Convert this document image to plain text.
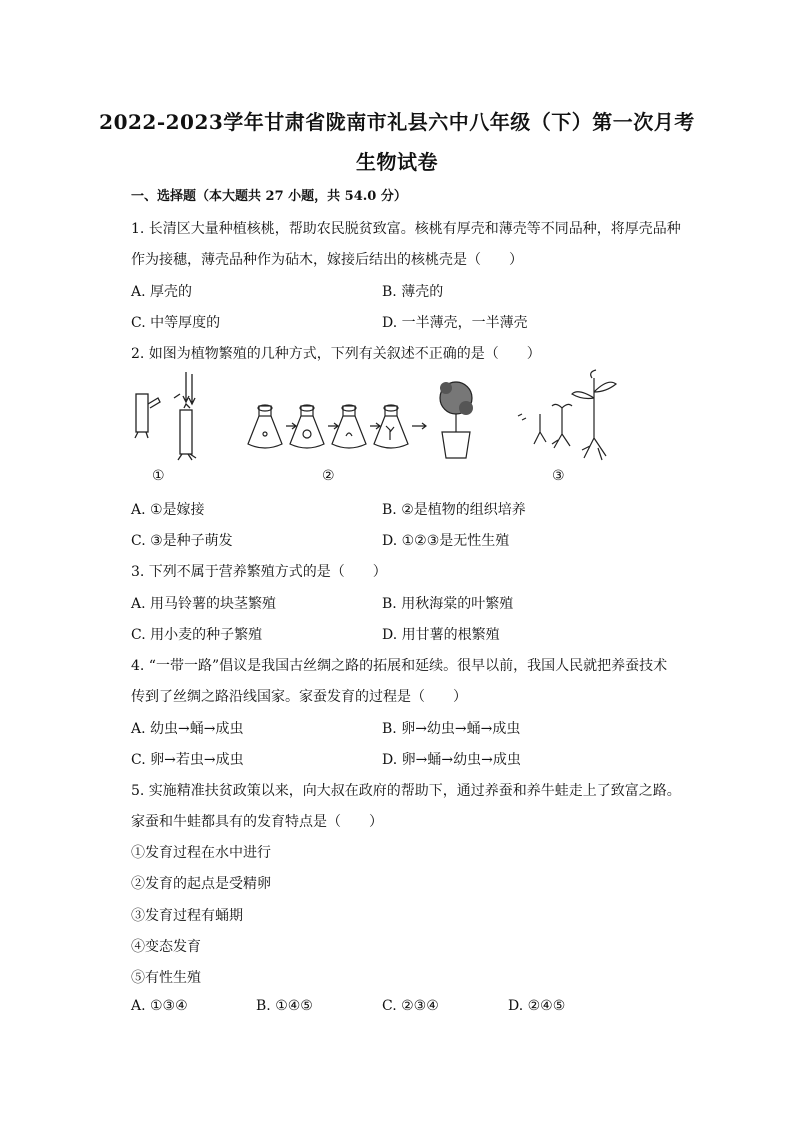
2022-2023学年甘肃省陇南市礼县六中八年级（下）第一次月考
生物试卷
一、选择题（本大题共 27 小题，共 54.0 分）
1. 长清区大量种植核桃，帮助农民脱贫致富。核桃有厚壳和薄壳等不同品种，将厚壳品种
作为接穗，薄壳品种作为砧木，嫁接后结出的核桃壳是（　　）
A. 厚壳的	B. 薄壳的
C. 中等厚度的	D. 一半薄壳，一半薄壳
2. 如图为植物繁殖的几种方式，下列有关叙述不正确的是（　　）
①	②	③
A. ①是嫁接	B. ②是植物的组织培养
C. ③是种子萌发	D. ①②③是无性生殖
3. 下列不属于营养繁殖方式的是（　　）
A. 用马铃薯的块茎繁殖	B. 用秋海棠的叶繁殖
C. 用小麦的种子繁殖	D. 用甘薯的根繁殖
4. “一带一路”倡议是我国古丝绸之路的拓展和延续。很早以前，我国人民就把养蚕技术
传到了丝绸之路沿线国家。家蚕发育的过程是（　　）
A. 幼虫→蛹→成虫	B. 卵→幼虫→蛹→成虫
C. 卵→若虫→成虫	D. 卵→蛹→幼虫→成虫
5. 实施精准扶贫政策以来，向大叔在政府的帮助下，通过养蚕和养牛蛙走上了致富之路。
家蚕和牛蛙都具有的发育特点是（　　）
①发育过程在水中进行
②发育的起点是受精卵
③发育过程有蛹期
④变态发育
⑤有性生殖
A. ①③④	B. ①④⑤	C. ②③④	D. ②④⑤
